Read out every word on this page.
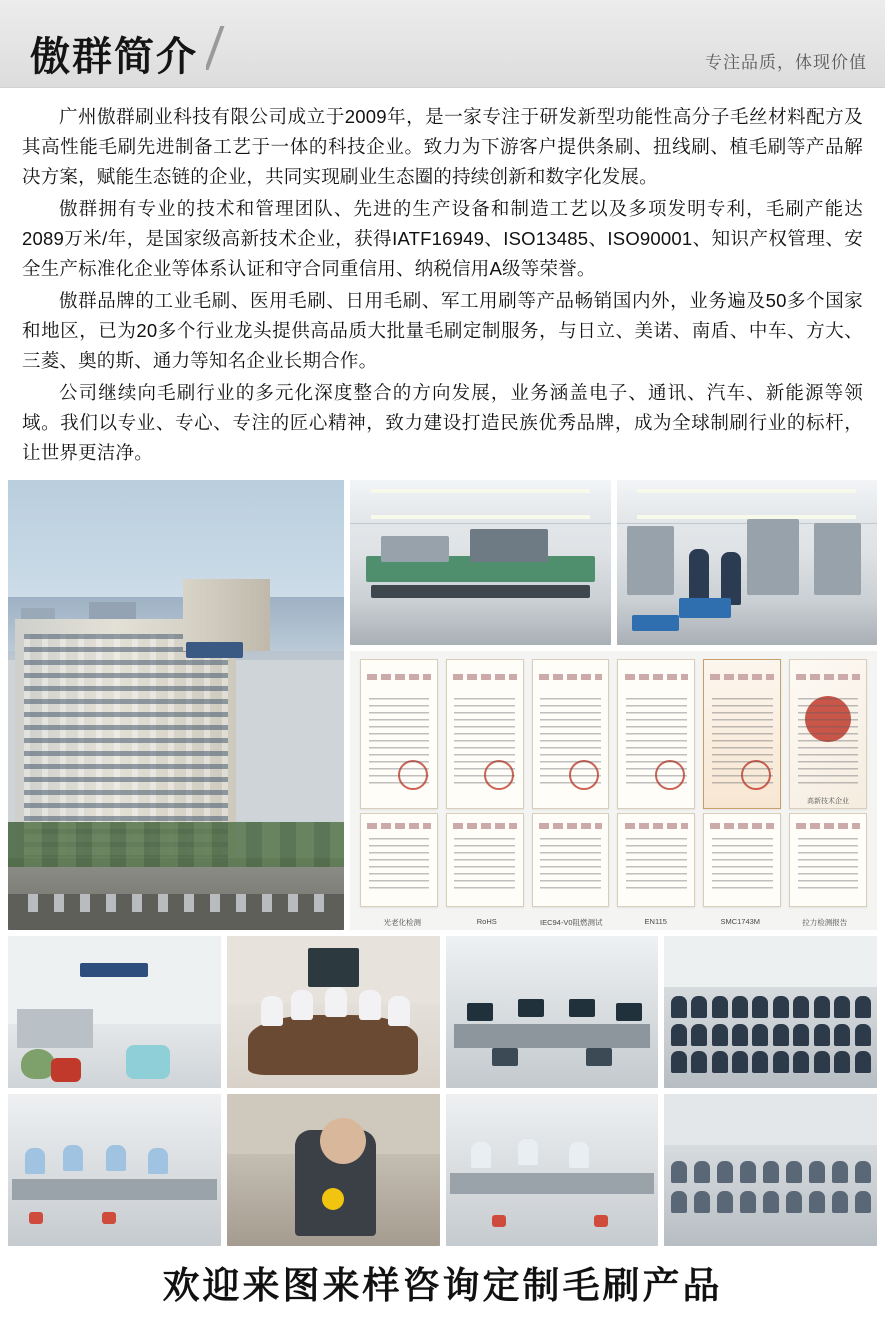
傲群简介	专注品质，体现价值

广州傲群刷业科技有限公司成立于2009年，是一家专注于研发新型功能性高分子毛丝材料配方及其高性能毛刷先进制备工艺于一体的科技企业。致力为下游客户提供条刷、扭线刷、植毛刷等产品解决方案，赋能生态链的企业，共同实现刷业生态圈的持续创新和数字化发展。

傲群拥有专业的技术和管理团队、先进的生产设备和制造工艺以及多项发明专利，毛刷产能达2089万米/年，是国家级高新技术企业，获得IATF16949、ISO13485、ISO90001、知识产权管理、安全生产标准化企业等体系认证和守合同重信用、纳税信用A级等荣誉。

傲群品牌的工业毛刷、医用毛刷、日用毛刷、军工用刷等产品畅销国内外，业务遍及50多个国家和地区，已为20多个行业龙头提供高品质大批量毛刷定制服务，与日立、美诺、南盾、中车、方大、三菱、奥的斯、通力等知名企业长期合作。

公司继续向毛刷行业的多元化深度整合的方向发展，业务涵盖电子、通讯、汽车、新能源等领域。我们以专业、专心、专注的匠心精神，致力建设打造民族优秀品牌，成为全球制刷行业的标杆，让世界更洁净。

高新技术企业
光老化检测	RoHS	IEC94-V0阻燃测试	EN115	SMC1743M	拉力检测报告
欢迎来图来样咨询定制毛刷产品
